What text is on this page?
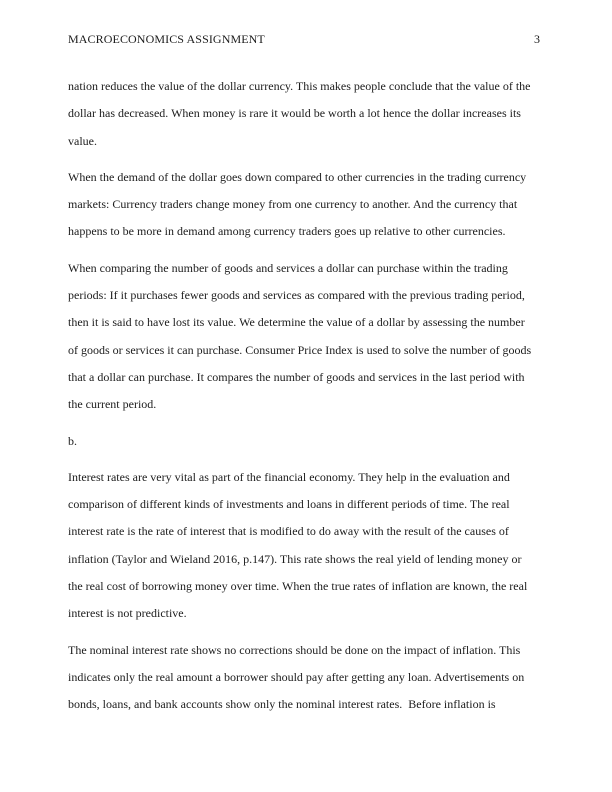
MACROECONOMICS ASSIGNMENT	3
nation reduces the value of the dollar currency. This makes people conclude that the value of the
dollar has decreased. When money is rare it would be worth a lot hence the dollar increases its
value.
When the demand of the dollar goes down compared to other currencies in the trading currency
markets: Currency traders change money from one currency to another. And the currency that
happens to be more in demand among currency traders goes up relative to other currencies.
When comparing the number of goods and services a dollar can purchase within the trading
periods: If it purchases fewer goods and services as compared with the previous trading period,
then it is said to have lost its value. We determine the value of a dollar by assessing the number
of goods or services it can purchase. Consumer Price Index is used to solve the number of goods
that a dollar can purchase. It compares the number of goods and services in the last period with
the current period.
b.
Interest rates are very vital as part of the financial economy. They help in the evaluation and
comparison of different kinds of investments and loans in different periods of time. The real
interest rate is the rate of interest that is modified to do away with the result of the causes of
inflation (Taylor and Wieland 2016, p.147). This rate shows the real yield of lending money or
the real cost of borrowing money over time. When the true rates of inflation are known, the real
interest is not predictive.
The nominal interest rate shows no corrections should be done on the impact of inflation. This
indicates only the real amount a borrower should pay after getting any loan. Advertisements on
bonds, loans, and bank accounts show only the nominal interest rates.  Before inflation is
